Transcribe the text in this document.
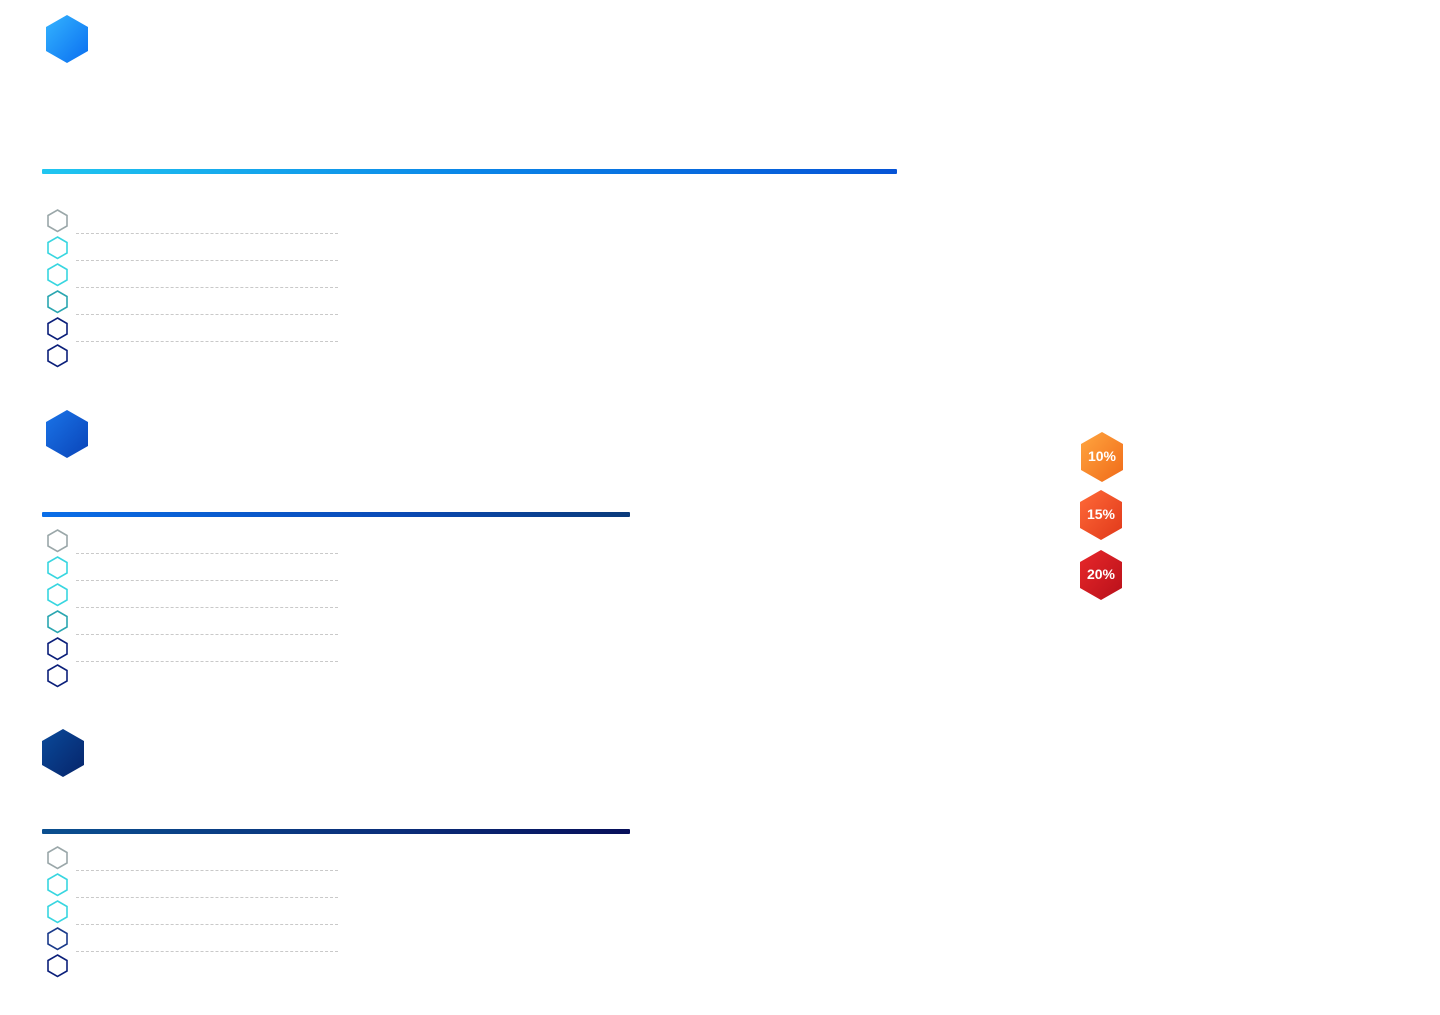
10%
15%
20%
